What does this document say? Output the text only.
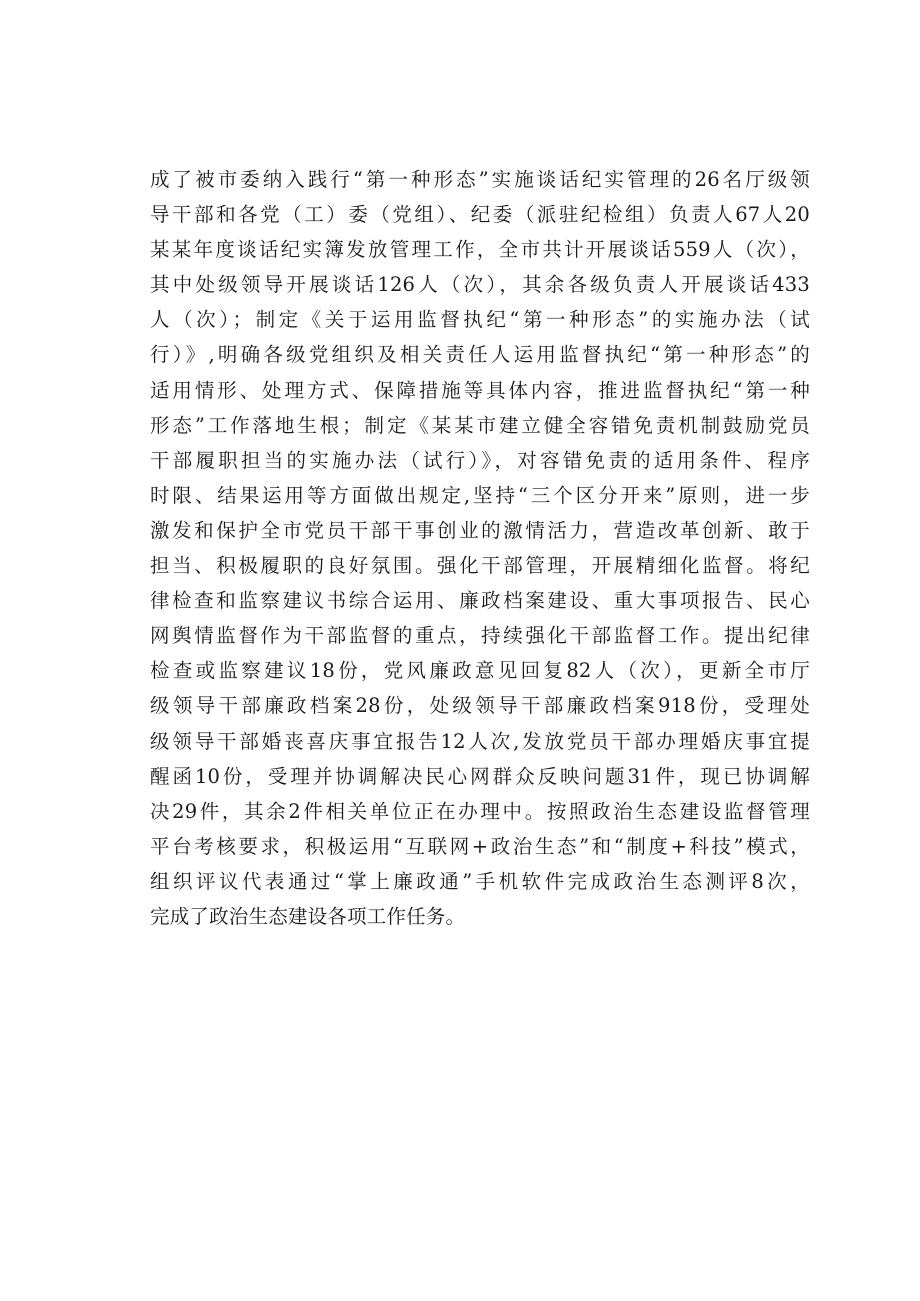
成了被市委纳入践行“第一种形态”实施谈话纪实管理的26名厅级领
导干部和各党（工）委（党组）、纪委（派驻纪检组）负责人67人20
某某年度谈话纪实簿发放管理工作，全市共计开展谈话559人（次），
其中处级领导开展谈话126人（次），其余各级负责人开展谈话433
人（次）；制定《关于运用监督执纪“第一种形态”的实施办法（试
行）》,明确各级党组织及相关责任人运用监督执纪“第一种形态”的
适用情形、处理方式、保障措施等具体内容，推进监督执纪“第一种
形态”工作落地生根；制定《某某市建立健全容错免责机制鼓励党员
干部履职担当的实施办法（试行）》，对容错免责的适用条件、程序
时限、结果运用等方面做出规定,坚持“三个区分开来”原则，进一步
激发和保护全市党员干部干事创业的激情活力，营造改革创新、敢于
担当、积极履职的良好氛围。强化干部管理，开展精细化监督。将纪
律检查和监察建议书综合运用、廉政档案建设、重大事项报告、民心
网舆情监督作为干部监督的重点，持续强化干部监督工作。提出纪律
检查或监察建议18份，党风廉政意见回复82人（次），更新全市厅
级领导干部廉政档案28份，处级领导干部廉政档案918份，受理处
级领导干部婚丧喜庆事宜报告12人次,发放党员干部办理婚庆事宜提
醒函10份，受理并协调解决民心网群众反映问题31件，现已协调解
决29件，其余2件相关单位正在办理中。按照政治生态建设监督管理
平台考核要求，积极运用“互联网+政治生态”和“制度+科技”模式，
组织评议代表通过“掌上廉政通”手机软件完成政治生态测评8次，
完成了政治生态建设各项工作任务。
